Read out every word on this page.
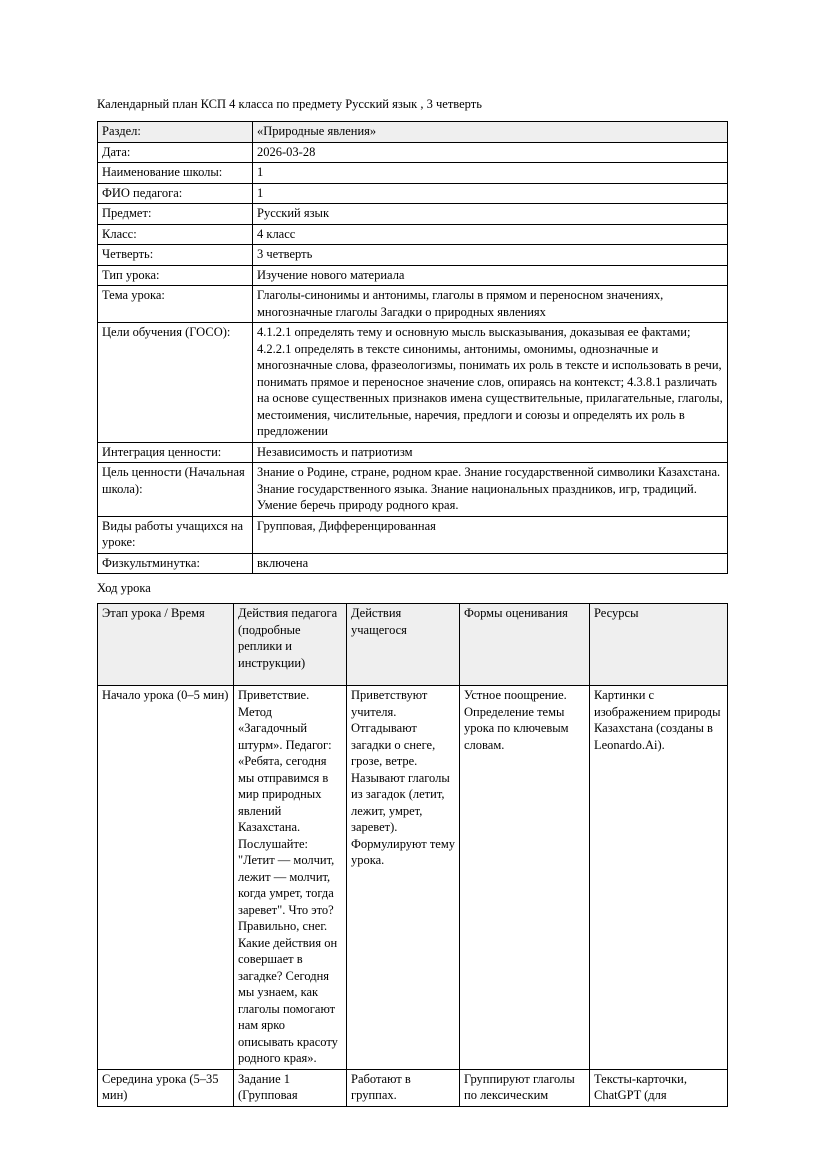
Календарный план КСП 4 класса по предмету Русский язык , 3 четверть
Раздел:	«Природные явления»
Дата:	2026-03-28
Наименование школы:	1
ФИО педагога:	1
Предмет:	Русский язык
Класс:	4 класс
Четверть:	3 четверть
Тип урока:	Изучение нового материала
Тема урока:	Глаголы-синонимы и антонимы, глаголы в прямом и переносном значениях, многозначные глаголы Загадки о природных явлениях
Цели обучения (ГОСО):	4.1.2.1 определять тему и основную мысль высказывания, доказывая ее фактами; 4.2.2.1 определять в тексте синонимы, антонимы, омонимы, однозначные и многозначные слова, фразеологизмы, понимать их роль в тексте и использовать в речи, понимать прямое и переносное значение слов, опираясь на контекст; 4.3.8.1 различать на основе существенных признаков имена существительные, прилагательные, глаголы, местоимения, числительные, наречия, предлоги и союзы и определять их роль в предложении
Интеграция ценности:	Независимость и патриотизм
Цель ценности (Начальная школа):	Знание о Родине, стране, родном крае. Знание государственной символики Казахстана. Знание государственного языка. Знание национальных праздников, игр, традиций. Умение беречь природу родного края.
Виды работы учащихся на уроке:	Групповая, Дифференцированная
Физкультминутка:	включена
Ход урока
Этап урока / Время	Действия педагога (подробные реплики и инструкции)	Действия учащегося	Формы оценивания	Ресурсы
Начало урока (0–5 мин)	Приветствие. Метод «Загадочный штурм». Педагог: «Ребята, сегодня мы отправимся в мир природных явлений Казахстана. Послушайте: "Летит — молчит, лежит — молчит, когда умрет, тогда заревет". Что это? Правильно, снег. Какие действия он совершает в загадке? Сегодня мы узнаем, как глаголы помогают нам ярко описывать красоту родного края».	Приветствуют учителя. Отгадывают загадки о снеге, грозе, ветре. Называют глаголы из загадок (летит, лежит, умрет, заревет). Формулируют тему урока.	Устное поощрение. Определение темы урока по ключевым словам.	Картинки с изображением природы Казахстана (созданы в Leonardo.Ai).
Середина урока (5–35 мин)	Задание 1 (Групповая	Работают в группах.	Группируют глаголы по лексическим	Тексты-карточки, ChatGPT (для
